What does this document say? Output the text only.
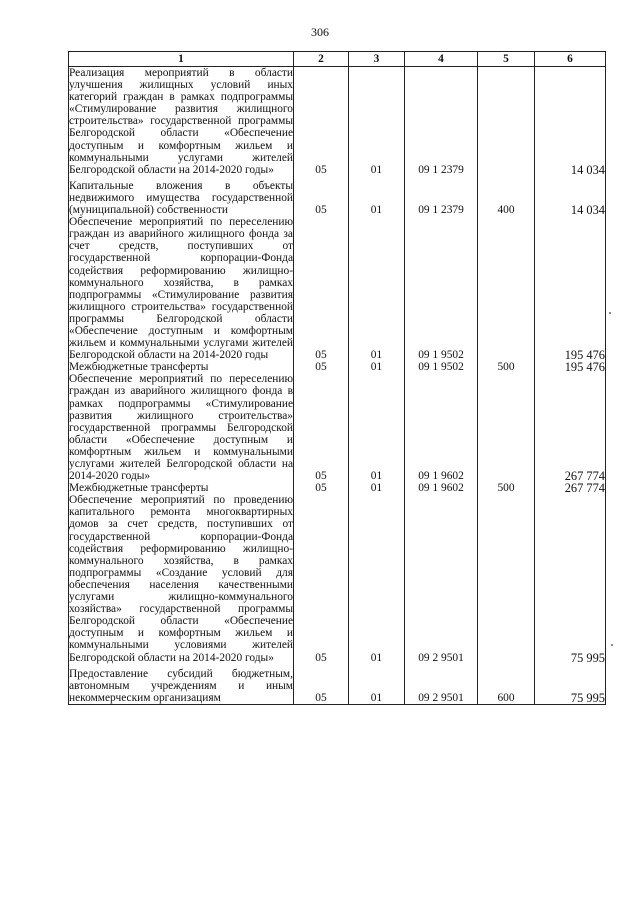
306
1	2	3	4	5	6
Реализация мероприятий в области улучшения жилищных условий иных категорий граждан в рамках подпрограммы «Стимулирование развития жилищного строительства» государственной программы Белгородской области «Обеспечение доступным и комфортным жильем и коммунальными услугами жителей Белгородской области на 2014-2020 годы»	05	01	09 1 2379		14 034

Капитальные вложения в объекты недвижимого имущества государственной (муниципальной) собственности	05	01	09 1 2379	400	14 034
Обеспечение мероприятий по переселению граждан из аварийного жилищного фонда за счет средств, поступивших от государственной корпорации-Фонда содействия реформированию жилищно-коммунального хозяйства, в рамках подпрограммы «Стимулирование развития жилищного строительства» государственной программы Белгородской области «Обеспечение доступным и комфортным жильем и коммунальными услугами жителей Белгородской области на 2014-2020 годы	05	01	09 1 9502		195 476
Межбюджетные трансферты	05	01	09 1 9502	500	195 476
Обеспечение мероприятий по переселению граждан из аварийного жилищного фонда в рамках подпрограммы «Стимулирование развития жилищного строительства» государственной программы Белгородской области «Обеспечение доступным и комфортным жильем и коммунальными услугами жителей Белгородской области на 2014-2020 годы»	05	01	09 1 9602		267 774
Межбюджетные трансферты	05	01	09 1 9602	500	267 774
Обеспечение мероприятий по проведению капитального ремонта многоквартирных домов за счет средств, поступивших от государственной корпорации-Фонда содействия реформированию жилищно-коммунального хозяйства, в рамках подпрограммы «Создание условий для обеспечения населения качественными услугами жилищно-коммунального хозяйства» государственной программы Белгородской области «Обеспечение доступным и комфортным жильем и коммунальными условиями жителей Белгородской области на 2014-2020 годы»	05	01	09 2 9501		75 995

Предоставление субсидий бюджетным, автономным учреждениям и иным некоммерческим организациям	05	01	09 2 9501	600	75 995
